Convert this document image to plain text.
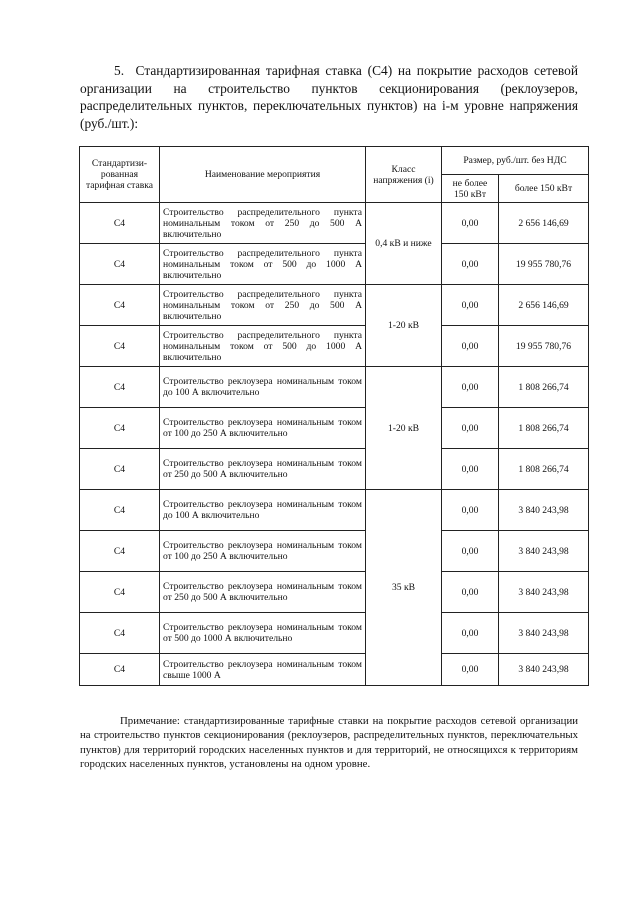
5.  Стандартизированная тарифная ставка (С4) на покрытие расходов сетевой организации на строительство пунктов секционирования (реклоузеров, распределительных пунктов, переключательных пунктов) на i-м уровне напряжения (руб./шт.):
Стандартизи-рованная тарифная ставка	Наименование мероприятия	Класс напряжения (i)	Размер, руб./шт. без НДС	
			не более 150 кВт	более 150 кВт
С4	Строительство распределительного пункта номинальным током от 250 до 500 А включительно	0,4 кВ и ниже	0,00	2 656 146,69
С4	Строительство распределительного пункта номинальным током от 500 до 1000 А включительно		0,00	19 955 780,76
С4	Строительство распределительного пункта номинальным током от 250 до 500 А включительно	1-20 кВ	0,00	2 656 146,69
С4	Строительство распределительного пункта номинальным током от 500 до 1000 А включительно		0,00	19 955 780,76
С4	Строительство реклоузера номинальным током до 100 А включительно	1-20 кВ	0,00	1 808 266,74
С4	Строительство реклоузера номинальным током от 100 до 250 А включительно		0,00	1 808 266,74
С4	Строительство реклоузера номинальным током от 250 до 500 А включительно		0,00	1 808 266,74
С4	Строительство реклоузера номинальным током до 100 А включительно	35 кВ	0,00	3 840 243,98
С4	Строительство реклоузера номинальным током от 100 до 250 А включительно		0,00	3 840 243,98
С4	Строительство реклоузера номинальным током от 250 до 500 А включительно		0,00	3 840 243,98
С4	Строительство реклоузера номинальным током от 500 до 1000 А включительно		0,00	3 840 243,98
С4	Строительство реклоузера номинальным током свыше 1000 А		0,00	3 840 243,98

Примечание: стандартизированные тарифные ставки на покрытие расходов сетевой организации на строительство пунктов секционирования (реклоузеров, распределительных пунктов, переключательных пунктов) для территорий городских населенных пунктов и для территорий, не относящихся к территориям городских населенных пунктов, установлены на одном уровне.
